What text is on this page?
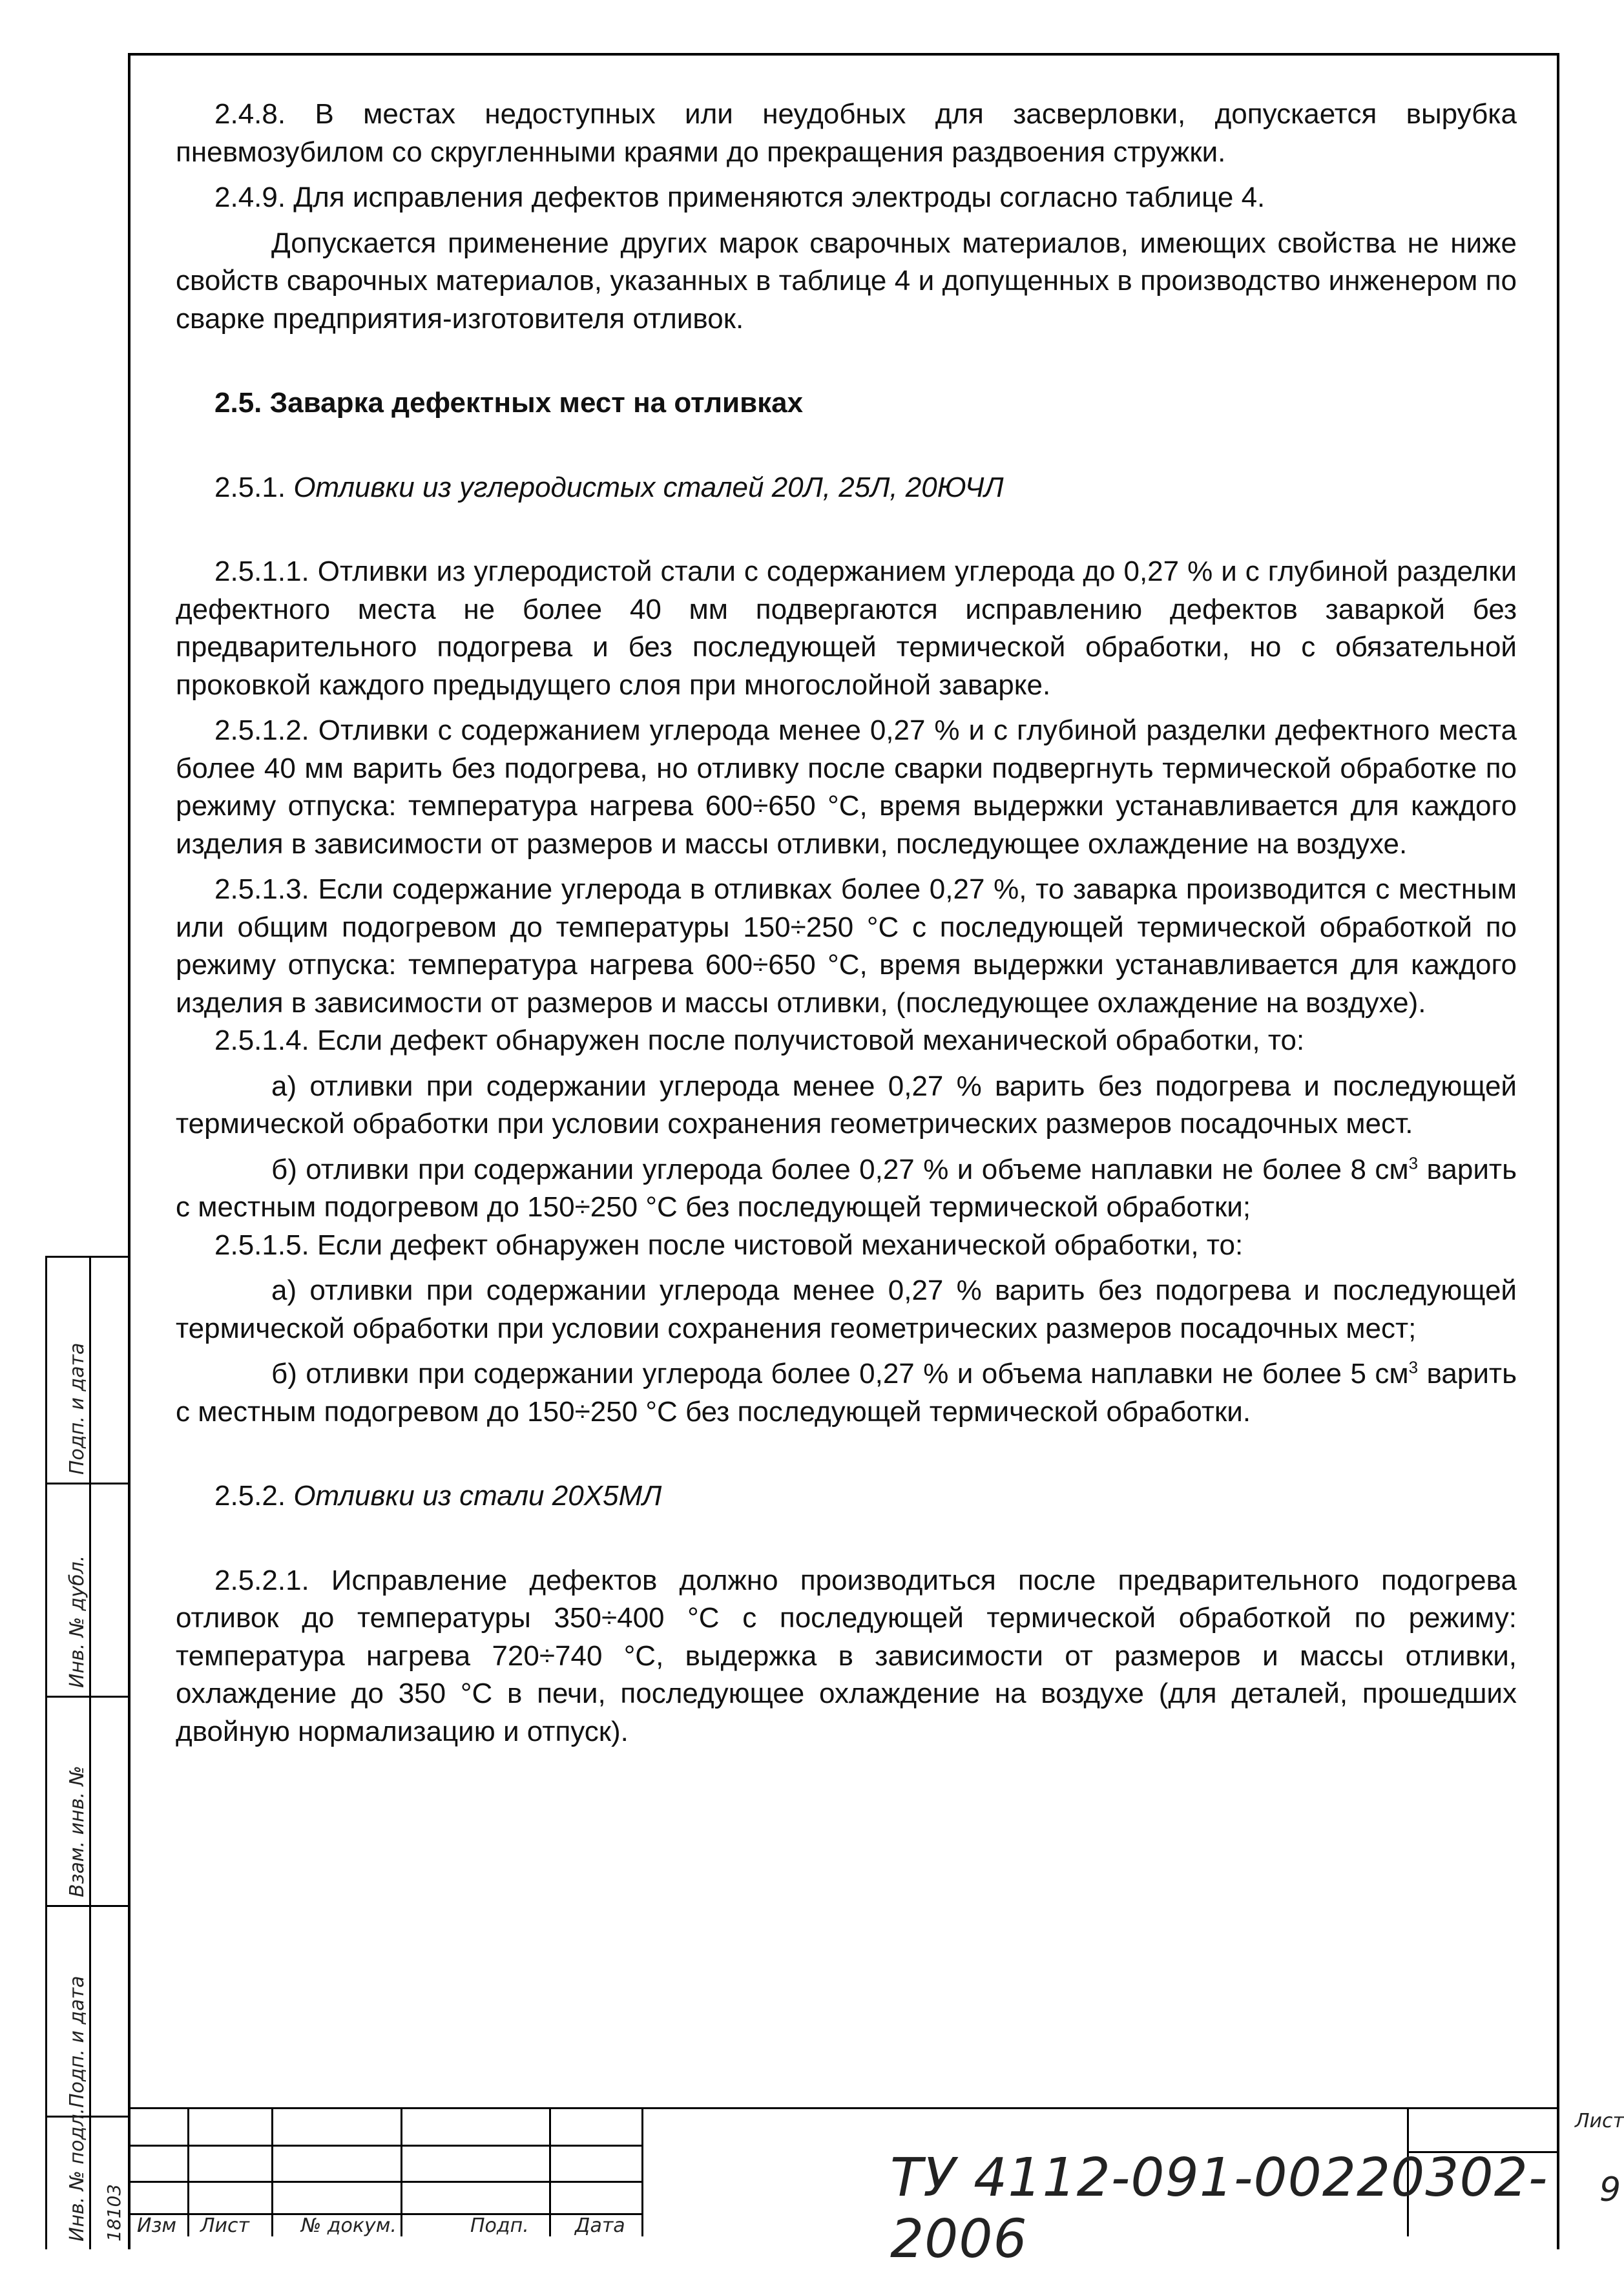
2.4.8. В местах недоступных или неудобных для засверловки, допускается вырубка пневмозубилом со скругленными краями до прекращения раздвоения стружки.

2.4.9. Для исправления дефектов применяются электроды согласно таблице 4.

Допускается применение других марок сварочных материалов, имеющих свойства не ниже свойств сварочных материалов, указанных в таблице 4 и допущенных в производство инженером по сварке предприятия-изготовителя отливок.

2.5. Заварка дефектных мест на отливках

2.5.1. Отливки из углеродистых сталей 20Л, 25Л, 20ЮЧЛ

2.5.1.1. Отливки из углеродистой стали с содержанием углерода до 0,27 % и с глубиной разделки дефектного места не более 40 мм подвергаются исправлению дефектов заваркой без предварительного подогрева и без последующей термической обработки, но с обязательной проковкой каждого предыдущего слоя при многослойной заварке.

2.5.1.2. Отливки с содержанием углерода менее 0,27 % и с глубиной разделки дефектного места более 40 мм варить без подогрева, но отливку после сварки подвергнуть термической обработке по режиму отпуска: температура нагрева 600÷650 °С, время выдержки устанавливается для каждого изделия в зависимости от размеров и массы отливки, последующее охлаждение на воздухе.

2.5.1.3. Если содержание углерода в отливках более 0,27 %, то заварка производится с местным или общим подогревом до температуры 150÷250 °С с последующей термической обработкой по режиму отпуска: температура нагрева 600÷650 °С, время выдержки устанавливается для каждого изделия в зависимости от размеров и массы отливки, (последующее охлаждение на воздухе).

2.5.1.4. Если дефект обнаружен после получистовой механической обработки, то:

а) отливки при содержании углерода менее 0,27 % варить без подогрева и последующей термической обработки при условии сохранения геометрических размеров посадочных мест.

б) отливки при содержании углерода более 0,27 % и объеме наплавки не более 8 $см^3$ варить с местным подогревом до 150÷250 °С без последующей термической обработки;

2.5.1.5. Если дефект обнаружен после чистовой механической обработки, то:

а) отливки при содержании углерода менее 0,27 % варить без подогрева и последующей термической обработки при условии сохранения геометрических размеров посадочных мест;

б) отливки при содержании углерода более 0,27 % и объема наплавки не более 5 $см^3$ варить с местным подогревом до 150÷250 °С без последующей термической обработки.

2.5.2. Отливки из стали 20Х5МЛ

2.5.2.1. Исправление дефектов должно производиться после предварительного подогрева отливок до температуры 350÷400 °С с последующей термической обработкой по режиму: температура нагрева 720÷740 °С, выдержка в зависимости от размеров и массы отливки, охлаждение до 350 °С в печи, последующее охлаждение на воздухе (для деталей, прошедших двойную нормализацию и отпуск).

Подп. и дата
Инв. № дубл.
Взам. инв. №
Подп. и дата
Инв. № подл. 18103 Изм Лист	№ докум.	Подп. Дата
ТУ 4112-091-00220302-2006
Лист
9
